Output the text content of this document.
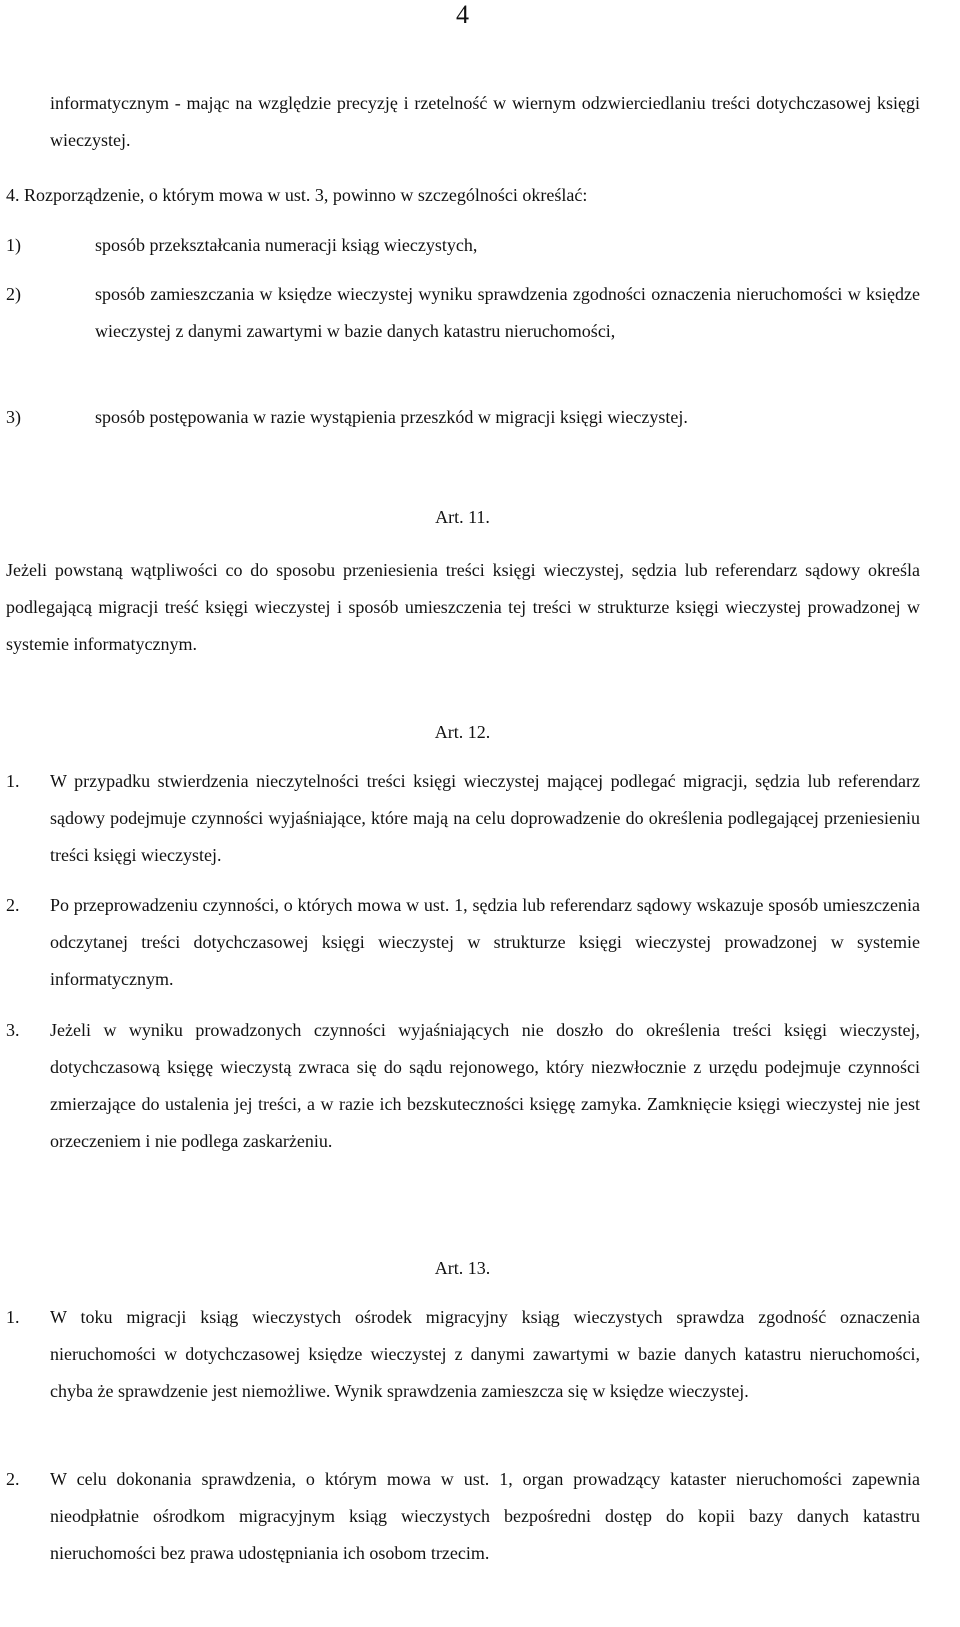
4

informatycznym - mając na względzie precyzję i rzetelność w wiernym odzwierciedlaniu treści dotychczasowej księgi wieczystej.

4. Rozporządzenie, o którym mowa w ust. 3, powinno w szczególności określać:

1)	sposób przekształcania numeracji ksiąg wieczystych,

2)	sposób zamieszczania w księdze wieczystej wyniku sprawdzenia zgodności oznaczenia nieruchomości w księdze wieczystej z danymi zawartymi w bazie danych katastru nieruchomości,

3)	sposób postępowania w razie wystąpienia przeszkód w migracji księgi wieczystej.

Art. 11.

Jeżeli powstaną wątpliwości co do sposobu przeniesienia treści księgi wieczystej, sędzia lub referendarz sądowy określa podlegającą migracji treść księgi wieczystej i sposób umieszczenia tej treści w strukturze księgi wieczystej prowadzonej w systemie informatycznym.

Art. 12.
1. W przypadku stwierdzenia nieczytelności treści księgi wieczystej mającej podlegać migracji, sędzia lub referendarz sądowy podejmuje czynności wyjaśniające, które mają na celu doprowadzenie do określenia podlegającej przeniesieniu treści księgi wieczystej.

2. Po przeprowadzeniu czynności, o których mowa w ust. 1, sędzia lub referendarz sądowy wskazuje sposób umieszczenia odczytanej treści dotychczasowej księgi wieczystej w strukturze księgi wieczystej prowadzonej w systemie informatycznym.

3. Jeżeli w wyniku prowadzonych czynności wyjaśniających nie doszło do określenia treści księgi wieczystej, dotychczasową księgę wieczystą zwraca się do sądu rejonowego, który niezwłocznie z urzędu podejmuje czynności zmierzające do ustalenia jej treści, a w razie ich bezskuteczności księgę zamyka. Zamknięcie księgi wieczystej nie jest orzeczeniem i nie podlega zaskarżeniu.

Art. 13.
1. W toku migracji ksiąg wieczystych ośrodek migracyjny ksiąg wieczystych sprawdza zgodność oznaczenia nieruchomości w dotychczasowej księdze wieczystej z danymi zawartymi w bazie danych katastru nieruchomości, chyba że sprawdzenie jest niemożliwe. Wynik sprawdzenia zamieszcza się w księdze wieczystej.

2. W celu dokonania sprawdzenia, o którym mowa w ust. 1, organ prowadzący kataster nieruchomości zapewnia nieodpłatnie ośrodkom migracyjnym ksiąg wieczystych bezpośredni dostęp do kopii bazy danych katastru nieruchomości bez prawa udostępniania ich osobom trzecim.
